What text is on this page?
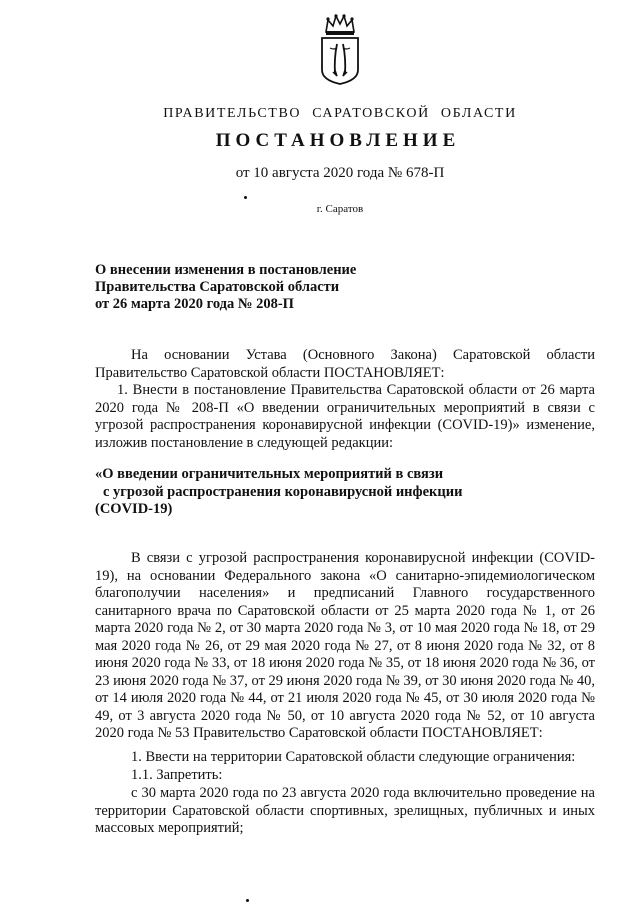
ПРАВИТЕЛЬСТВО САРАТОВСКОЙ ОБЛАСТИ
ПОСТАНОВЛЕНИЕ
от 10 августа 2020 года № 678-П
г. Саратов
О внесении изменения в постановление
Правительства Саратовской области
от 26 марта 2020 года № 208-П
На основании Устава (Основного Закона) Саратовской области Правительство Саратовской области ПОСТАНОВЛЯЕТ:
1. Внести в постановление Правительства Саратовской области от 26 марта 2020 года № 208-П «О введении ограничительных мероприятий в связи с угрозой распространения коронавирусной инфекции (COVID-19)» изменение, изложив постановление в следующей редакции:
«О введении ограничительных мероприятий в связи
с угрозой распространения коронавирусной инфекции
(COVID-19)
В связи с угрозой распространения коронавирусной инфекции (COVID-19), на основании Федерального закона «О санитарно-эпидемиологическом благополучии населения» и предписаний Главного государственного санитарного врача по Саратовской области от 25 марта 2020 года № 1, от 26 марта 2020 года № 2, от 30 марта 2020 года № 3, от 10 мая 2020 года № 18, от 29 мая 2020 года № 26, от 29 мая 2020 года № 27, от 8 июня 2020 года № 32, от 8 июня 2020 года № 33, от 18 июня 2020 года № 35, от 18 июня 2020 года № 36, от 23 июня 2020 года № 37, от 29 июня 2020 года № 39, от 30 июня 2020 года № 40, от 14 июля 2020 года № 44, от 21 июля 2020 года № 45, от 30 июля 2020 года № 49, от 3 августа 2020 года № 50, от 10 августа 2020 года № 52, от 10 августа 2020 года № 53 Правительство Саратовской области ПОСТАНОВЛЯЕТ:
1. Ввести на территории Саратовской области следующие ограничения:
1.1. Запретить:
с 30 марта 2020 года по 23 августа 2020 года включительно проведение на территории Саратовской области спортивных, зрелищных, публичных и иных массовых мероприятий;
